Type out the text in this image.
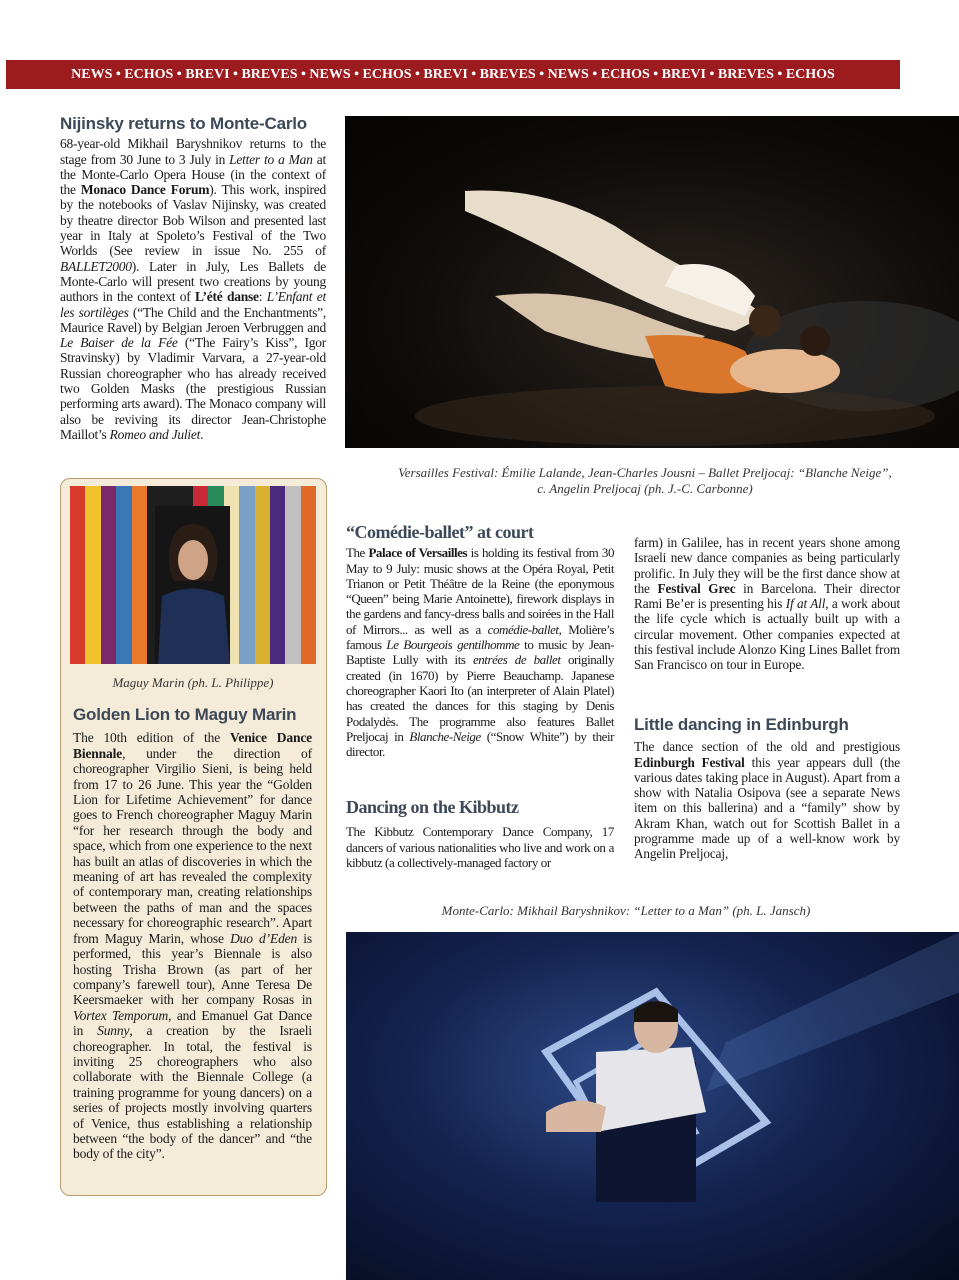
NEWS • ECHOS • BREVI • BREVES • NEWS • ECHOS • BREVI • BREVES • NEWS • ECHOS • BREVI • BREVES • ECHOS
Nijinsky returns to Monte-Carlo

68-year-old Mikhail Baryshnikov returns to the stage from 30 June to 3 July in Letter to a Man at the Monte-Carlo Opera House (in the context of the Monaco Dance Forum). This work, inspired by the notebooks of Vaslav Nijinsky, was created by theatre director Bob Wilson and presented last year in Italy at Spoleto’s Festival of the Two Worlds (See review in issue No. 255 of BALLET2000). Later in July, Les Ballets de Monte-Carlo will present two creations by young authors in the context of L’été danse: L’Enfant et les sortilèges (“The Child and the Enchantments”, Maurice Ravel) by Belgian Jeroen Verbruggen and Le Baiser de la Fée (“The Fairy’s Kiss”, Igor Stravinsky) by Vladimir Varvara, a 27-year-old Russian choreographer who has already received two Golden Masks (the prestigious Russian performing arts award). The Monaco company will also be reviving its director Jean-Christophe Maillot’s Romeo and Juliet.

Versailles Festival: Émilie Lalande, Jean-Charles Jousni – Ballet Preljocaj: “Blanche Neige”,
c. Angelin Preljocaj (ph. J.-C. Carbonne)
Maguy Marin (ph. L. Philippe)
Golden Lion to Maguy Marin

The 10th edition of the Venice Dance Biennale, under the direction of choreographer Virgilio Sieni, is being held from 17 to 26 June. This year the “Golden Lion for Lifetime Achievement” for dance goes to French choreographer Maguy Marin “for her research through the body and space, which from one experience to the next has built an atlas of discoveries in which the meaning of art has revealed the complexity of contemporary man, creating relationships between the paths of man and the spaces necessary for choreographic research”. Apart from Maguy Marin, whose Duo d’Eden is performed, this year’s Biennale is also hosting Trisha Brown (as part of her company’s farewell tour), Anne Teresa De Keersmaeker with her company Rosas in Vortex Temporum, and Emanuel Gat Dance in Sunny, a creation by the Israeli choreographer. In total, the festival is inviting 25 choreographers who also collaborate with the Biennale College (a training programme for young dancers) on a series of projects mostly involving quarters of Venice, thus establishing a relationship between “the body of the dancer” and “the body of the city”.

“Comédie-ballet” at court

The Palace of Versailles is holding its festival from 30 May to 9 July: music shows at the Opéra Royal, Petit Trianon or Petit Théâtre de la Reine (the eponymous “Queen” being Marie Antoinette), firework displays in the gardens and fancy-dress balls and soirées in the Hall of Mirrors... as well as a comédie-ballet, Molière’s famous Le Bourgeois gentilhomme to music by Jean-Baptiste Lully with its entrées de ballet originally created (in 1670) by Pierre Beauchamp. Japanese choreographer Kaori Ito (an interpreter of Alain Platel) has created the dances for this staging by Denis Podalydès. The programme also features Ballet Preljocaj in Blanche-Neige (“Snow White”) by their director.

Dancing on the Kibbutz

The Kibbutz Contemporary Dance Company, 17 dancers of various nationalities who live and work on a kibbutz (a collectively-managed factory or

farm) in Galilee, has in recent years shone among Israeli new dance companies as being particularly prolific. In July they will be the first dance show at the Festival Grec in Barcelona. Their director Rami Be’er is presenting his If at All, a work about the life cycle which is actually built up with a circular movement. Other companies expected at this festival include Alonzo King Lines Ballet from San Francisco on tour in Europe.

Little dancing in Edinburgh

The dance section of the old and prestigious Edinburgh Festival this year appears dull (the various dates taking place in August). Apart from a show with Natalia Osipova (see a separate News item on this ballerina) and a “family” show by Akram Khan, watch out for Scottish Ballet in a programme made up of a well-know work by Angelin Preljocaj,

Monte-Carlo: Mikhail Baryshnikov: “Letter to a Man” (ph. L. Jansch)
